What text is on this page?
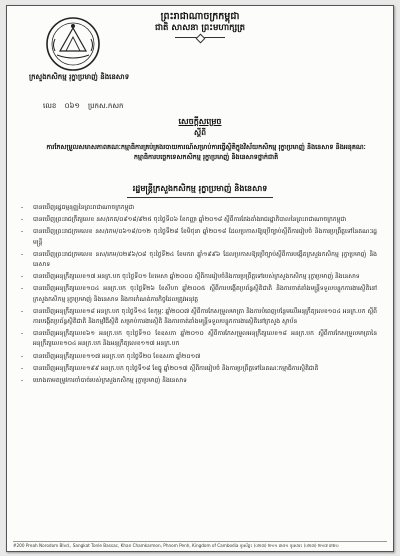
ព្រះរាជាណាចក្រកម្ពុជា
ជាតិ សាសនា ព្រះមហាក្សត្រ
ក្រសួងកសិកម្ម រុក្ខាប្រមាញ់ និងនេសាទ
លេខ ០៦១ ប្រកស.កសក
សេចក្ដីសម្រេច
ស្ដីពី
ការកែសម្រួលសមាសភាពគណៈកម្មាធិការគ្រប់គ្រងរបាយការណ៍សម្រាប់ការធ្វើស្ថិតិក្នុងវិស័យកសិកម្ម រុក្ខាប្រមាញ់ និងនេសាទ និងអនុគណៈកម្មាធិការបច្ចេកទេសកសិកម្ម រុក្ខាប្រមាញ់ និងនេសាទថ្នាក់ជាតិ
រដ្ឋមន្ត្រីក្រសួងកសិកម្ម រុក្ខាប្រមាញ់ និងនេសាទ
-	បានឃើញរដ្ឋធម្មនុញ្ញនៃព្រះរាជាណាចក្រកម្ពុជា
-	បានឃើញព្រះរាជក្រឹត្យលេខ នស/រកត/០៩១៨/៩២៥ ចុះថ្ងៃទី០៦ ខែកញ្ញា ឆ្នាំ២០១៨ ស្ដីពីការតែងតាំងរាជរដ្ឋាភិបាលនៃព្រះរាជាណាចក្រកម្ពុជា
-	បានឃើញព្រះរាជក្រមលេខ នស/រកម/០៦១៨/០១២ ចុះថ្ងៃទី២៨ ខែមិថុនា ឆ្នាំ២០១៨ ដែលប្រកាសឱ្យប្រើច្បាប់ស្ដីពីការរៀបចំ និងការប្រព្រឹត្តទៅនៃគណៈរដ្ឋមន្ត្រី
-	បានឃើញព្រះរាជក្រមលេខ នស/រកម/០២៩៦/០៨ ចុះថ្ងៃទី២៤ ខែមករា ឆ្នាំ១៩៩៦ ដែលប្រកាសឱ្យប្រើច្បាប់ស្ដីពីការបង្កើតក្រសួងកសិកម្ម រុក្ខាប្រមាញ់ និងនេសាទ
-	បានឃើញអនុក្រឹត្យលេខ១៧ អនក្រ.បក ចុះថ្ងៃទី០១ ខែមេសា ឆ្នាំ២០០០ ស្ដីពីការរៀបចំនិងការប្រព្រឹត្តទៅរបស់ក្រសួងកសិកម្ម រុក្ខាប្រមាញ់ និងនេសាទ
-	បានឃើញអនុក្រឹត្យលេខ១០៤ អនក្រ.បក ចុះថ្ងៃទី២៦ ខែសីហា ឆ្នាំ២០០៥ ស្ដីពីការបង្កើតប្រព័ន្ធស្ថិតិជាតិ និងការចាត់តាំងមន្ត្រីទទួលបន្ទុកការងារស្ថិតិនៅក្រសួងកសិកម្ម រុក្ខាប្រមាញ់ និងនេសាទ និងការកំណត់ភារកិច្ចដែលត្រូវអនុវត្ត
-	បានឃើញអនុក្រឹត្យលេខ១៨ អនក្រ.បក ចុះថ្ងៃទី១៤ ខែកុម្ភៈ ឆ្នាំ២០០៧ ស្ដីពីការកែសម្រួលមាត្រា និងការបំពេញបន្ថែមលើអនុក្រឹត្យលេខ១០៤ អនក្រ.បក ស្ដីពីការបង្កើតប្រព័ន្ធស្ថិតិជាតិ និងកម្មវិធីស្ថិតិ សម្រាប់ការងារស្ថិតិ និងការចាត់តាំងមន្ត្រីទទួលបន្ទុកការងារស្ថិតិនៅក្រសួង ស្ថាប័ន
-	បានឃើញអនុក្រឹត្យលេខ៦១ អនក្រ.បក ចុះថ្ងៃទី១០ ខែឧសភា ឆ្នាំ២០១០ ស្ដីពីការកែសម្រួលអនុក្រឹត្យលេខ១៨ អនក្រ.បក ស្ដីពីការកែសម្រួលមាត្រានៃអនុក្រឹត្យលេខ១០៤ អនក្រ.បក និងអនុក្រឹត្យលេខ១១៧ អនក្រ.បក
-	បានឃើញអនុក្រឹត្យលេខ១១៧ អនក្រ.បក ចុះថ្ងៃទី២០ ខែឧសភា ឆ្នាំ២០១៧
-	បានឃើញអនុក្រឹត្យលេខ១៩៩ អនក្រ.បក ចុះថ្ងៃទី១៨ ខែធ្នូ ឆ្នាំ២០១៧ ស្ដីពីការរៀបចំ និងការប្រព្រឹត្តទៅនៃគណៈកម្មាធិការស្ថិតិជាតិ
-	យោងតាមតម្រូវការចាំបាច់របស់ក្រសួងកសិកម្ម រុក្ខាប្រមាញ់ និងនេសាទ
#200 Preah Norodom Blvd., Sangkat Tonle Bassac, Khan Chamkarmon, Phnom Penh, Kingdom of Cambodia ទូរស័ព្ទ៖ (០២៣) ២១១ ៣៥១ ទូរសារ៖ (០២៣) ២១៧ ៣២០
